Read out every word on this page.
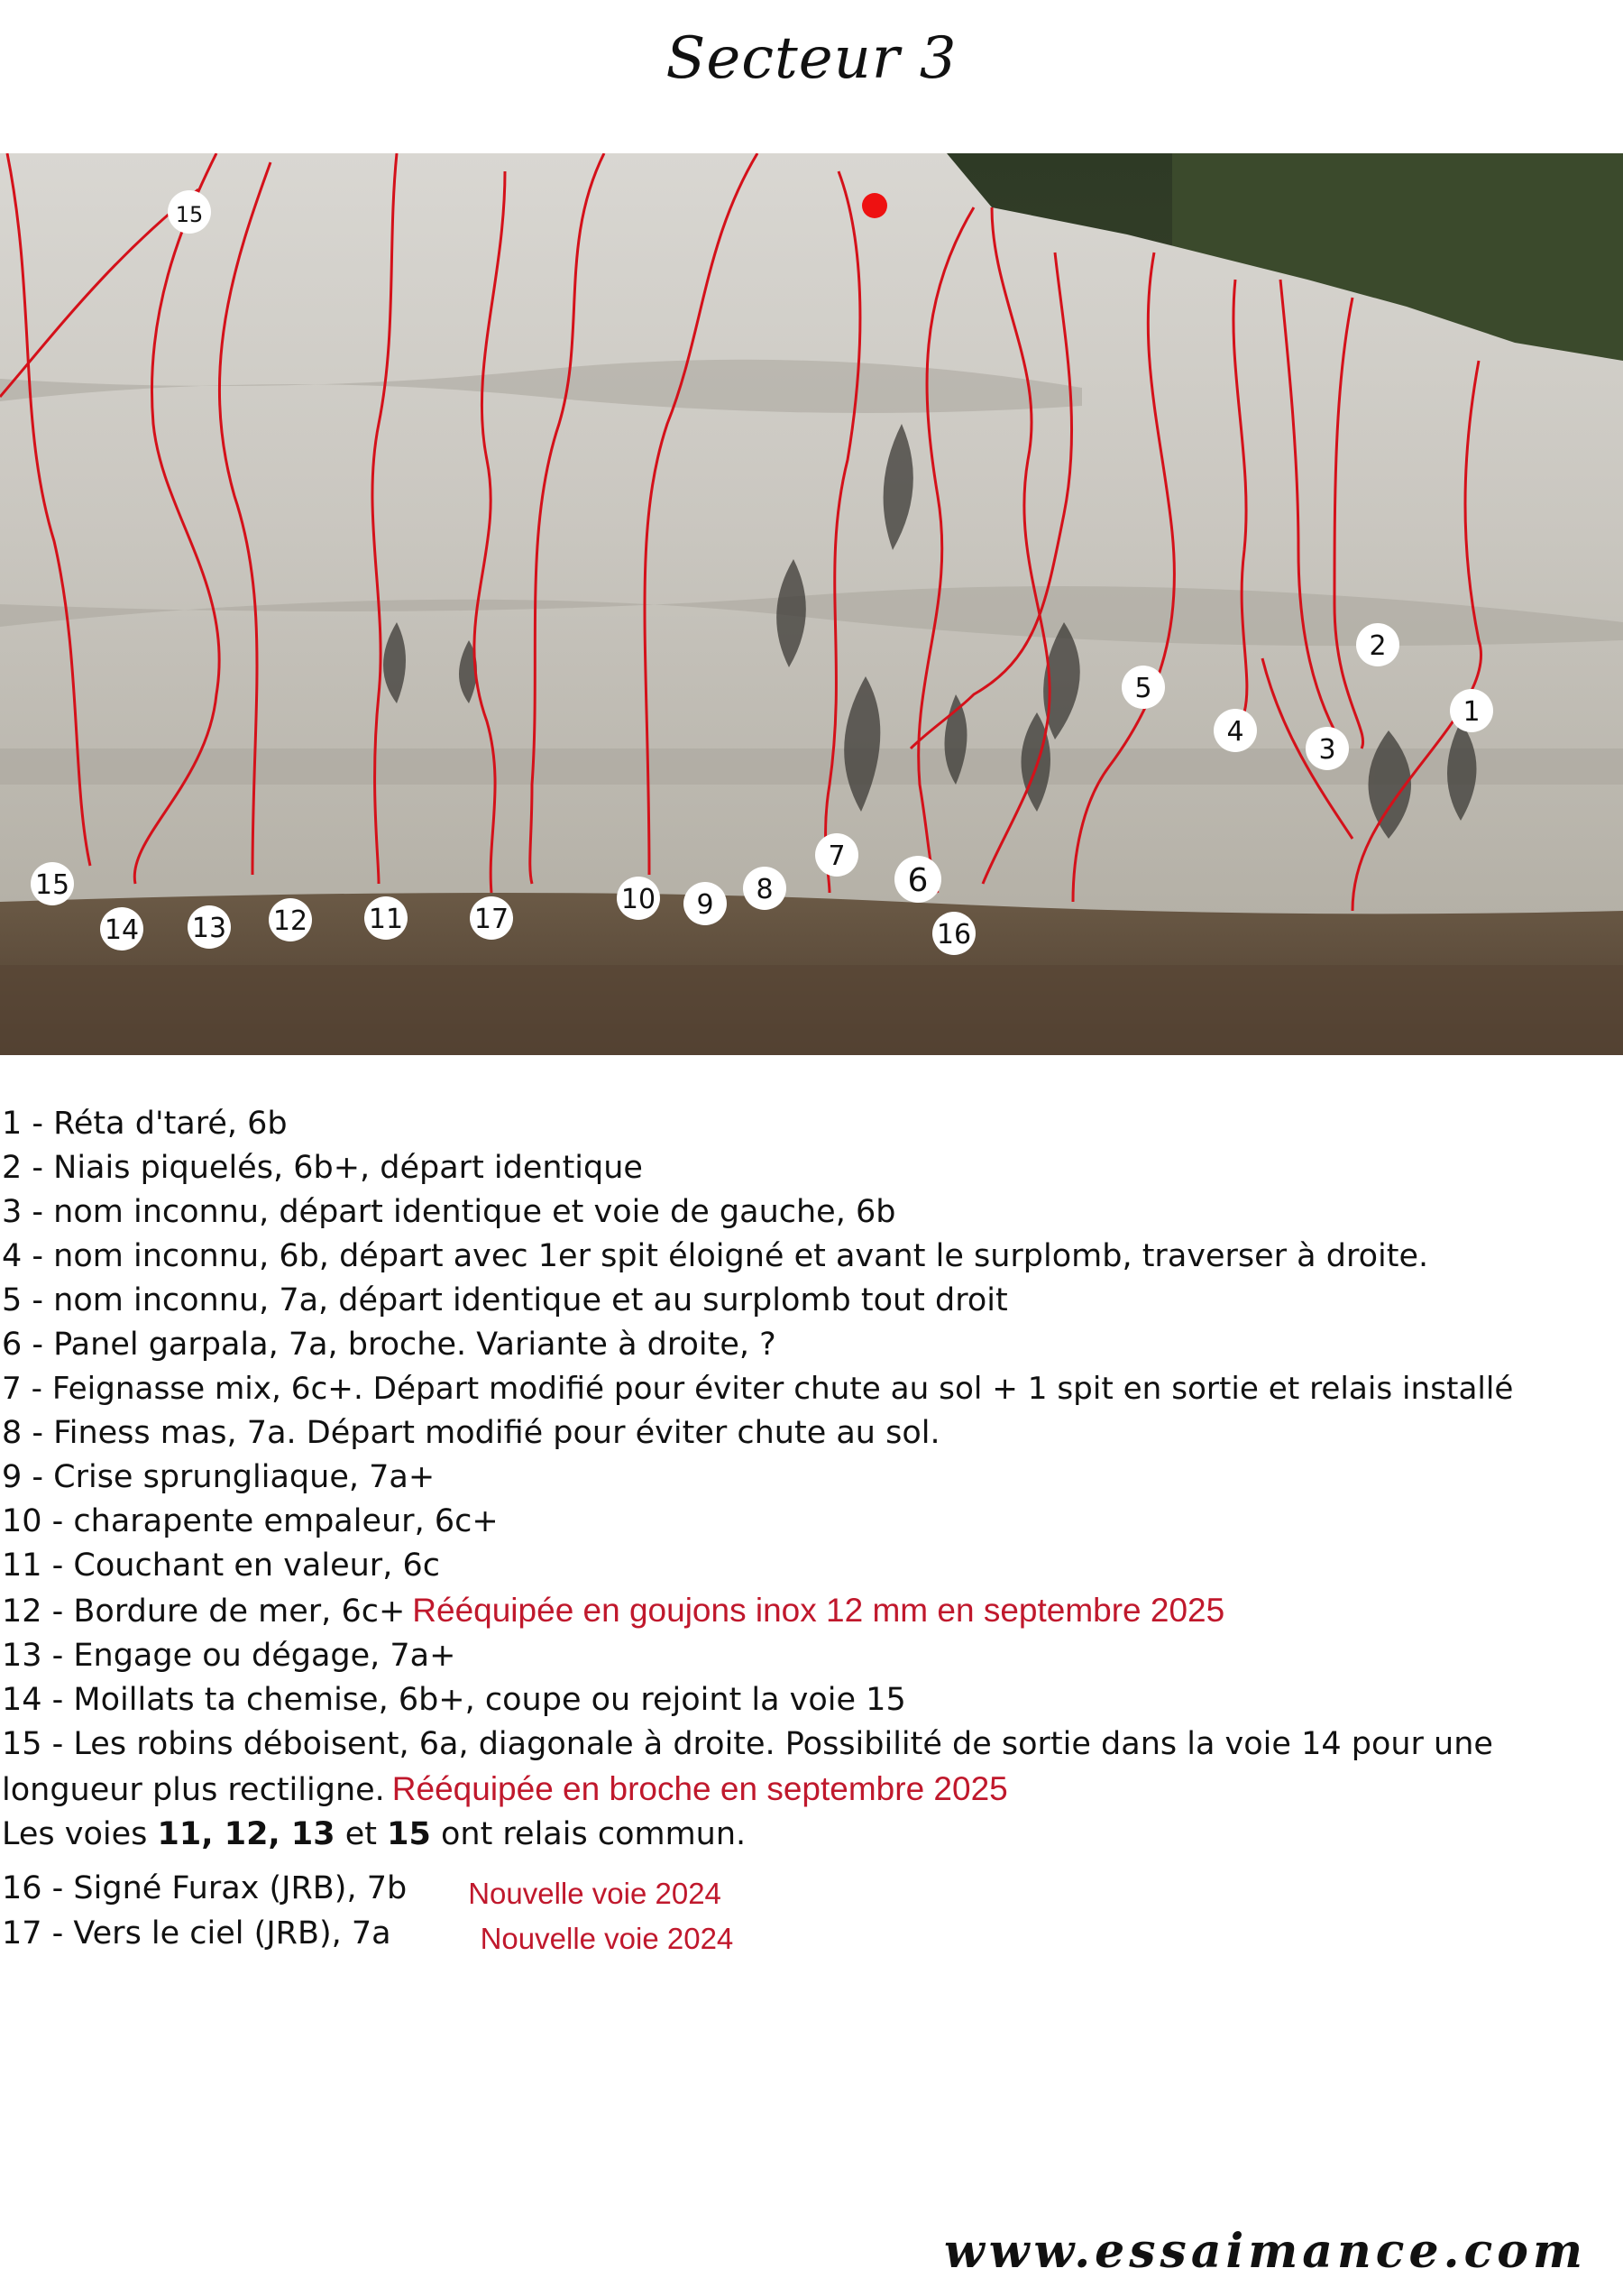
Secteur 3
15
15
14 13 12 11	17
10 9 8
7
6
16
5
4
3
2
1
1 - Réta d'taré, 6b
2 - Niais piquelés, 6b+, départ identique
3 - nom inconnu, départ identique et voie de gauche, 6b
4 - nom inconnu, 6b, départ avec 1er spit éloigné et avant le surplomb, traverser à droite.
5 - nom inconnu, 7a, départ identique et au surplomb tout droit
6 - Panel garpala, 7a, broche. Variante à droite, ?
7 - Feignasse mix, 6c+. Départ modifié pour éviter chute au sol + 1 spit en sortie et relais installé
8 - Finess mas, 7a. Départ modifié pour éviter chute au sol.
9 - Crise sprungliaque, 7a+
10 - charapente empaleur, 6c+
11 - Couchant en valeur, 6c
12 - Bordure de mer, 6c+ Rééquipée en goujons inox 12 mm en septembre 2025
13 - Engage ou dégage, 7a+
14 - Moillats ta chemise, 6b+, coupe ou rejoint la voie 15
15 - Les robins déboisent, 6a, diagonale à droite. Possibilité de sortie dans la voie 14 pour une longueur plus rectiligne. Rééquipée en broche en septembre 2025
Les voies 11, 12, 13 et 15 ont relais commun.
16 - Signé Furax (JRB), 7b Nouvelle voie 2024
17 - Vers le ciel (JRB), 7a	Nouvelle voie 2024
www.essaimance.com
